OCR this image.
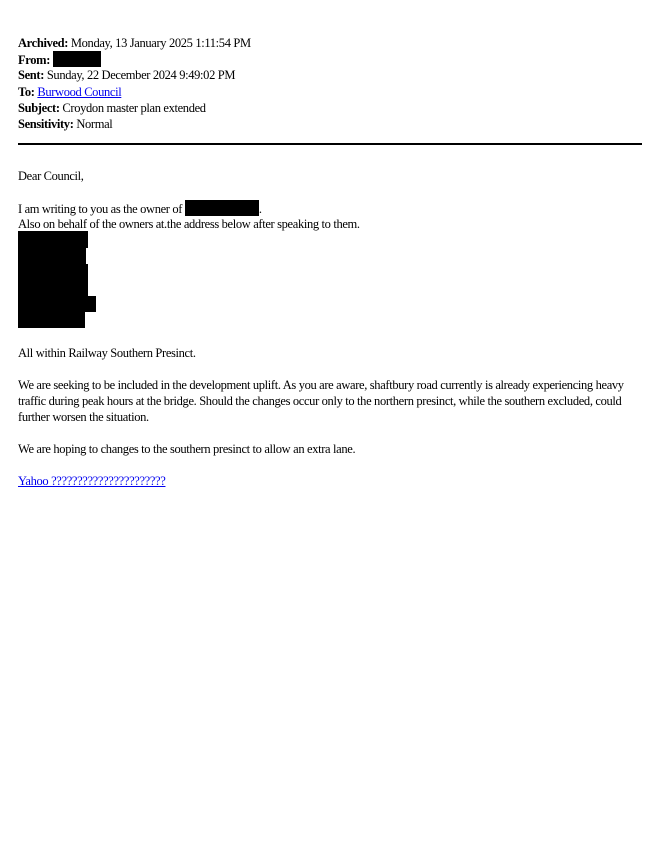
Archived: Monday, 13 January 2025 1:11:54 PM
From:
Sent: Sunday, 22 December 2024 9:49:02 PM
To: Burwood Council
Subject: Croydon master plan extended
Sensitivity: Normal
Dear Council,
I am writing to you as the owner of	.
Also on behalf of the owners at.the address below after speaking to them.
All within Railway Southern Presinct.
We are seeking to be included in the development uplift. As you are aware, shaftbury road currently is already experiencing heavy traffic during peak hours at the bridge. Should the changes occur only to the northern presinct, while the southern excluded, could further worsen the situation.
We are hoping to changes to the southern presinct to allow an extra lane.
Yahoo ??????????????????????
